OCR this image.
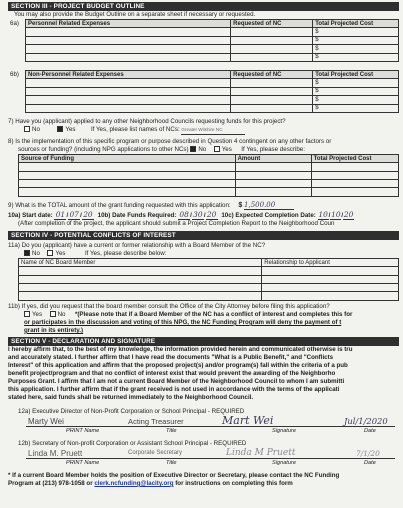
SECTION III - PROJECT BUDGET OUTLINE
You may also provide the Budget Outline on a separate sheet if necessary or requested.
6a) Personnel Related Expenses	Requested of NC	Total Projected Cost
		$
		$
		$
		$
6b) Non-Personnel Related Expenses	Requested of NC	Total Projected Cost
		$
		$
		$
		$
7) Have you (applicant) applied to any other Neighborhood Councils requesting funds for this project?
No	Yes If Yes, please list names of NCs: Greater Wilshire NC
8) Is the implementation of this specific program or purpose described in Question 4 contingent on any other factors or
sources or funding? (including NPG applications to other NCs) No Yes If Yes, please describe:
Source of Funding	Amount	Total Projected Cost

9) What is the TOTAL amount of the grant funding requested with this application: $ 1,500.00
10a) Start date: 01/07/20 10b) Date Funds Required: 08/30/20 10c) Expected Completion Date: 10/10/20
(After completion of the project, the applicant should submit a Project Completion Report to the Neighborhood Coun
SECTION IV - POTENTIAL CONFLICTS OF INTEREST
11a) Do you (applicant) have a current or former relationship with a Board Member of the NC?
No Yes	If Yes, please describe below:
Name of NC Board Member	Relationship to Applicant

11b) If yes, did you request that the board member consult the Office of the City Attorney before filing this application?
Yes No *(Please note that if a Board Member of the NC has a conflict of interest and completes this for
or participates in the discussion and voting of this NPG, the NC Funding Program will deny the payment of t
grant in its entirety.)
SECTION V - DECLARATION AND SIGNATURE
I hereby affirm that, to the best of my knowledge, the information provided herein and communicated otherwise is tru
and accurately stated. I further affirm that I have read the documents "What is a Public Benefit," and "Conflicts
Interest" of this application and affirm that the proposed project(s) and/or program(s) fall within the criteria of a pub
benefit project/program and that no conflict of interest exist that would prevent the awarding of the Neighborho
Purposes Grant. I affirm that I am not a current Board Member of the Neighborhood Council to whom I am submitti
this application. I further affirm that if the grant received is not used in accordance with the terms of the applicati
stated here, said funds shall be returned immediately to the Neighborhood Council.
12a) Executive Director of Non-Profit Corporation or School Principal - REQUIRED
Marty Wei	Acting Treasurer	Mart Wei	Jul/1/2020
PRINT Name	Title	Signature	Date
12b) Secretary of Non-profit Corporation or Assistant School Principal - REQUIRED
Linda M. Pruett	Corporate Secretary	Linda M Pruett	7/1/20
PRINT Name	Title	Signature	Date
* If a current Board Member holds the position of Executive Director or Secretary, please contact the NC Funding
Program at (213) 978-1058 or clerk.ncfunding@lacity.org for instructions on completing this form
